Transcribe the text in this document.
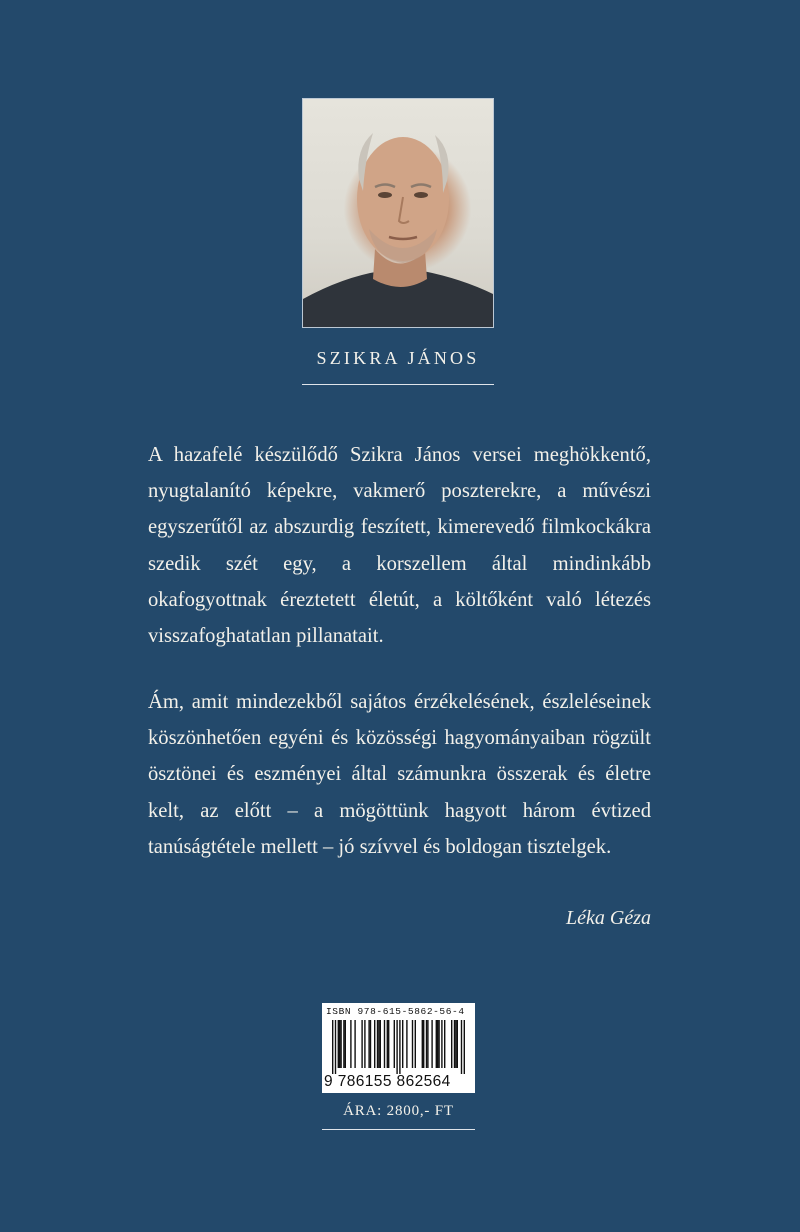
SZIKRA JÁNOS

A hazafelé készülődő Szikra János versei meghökkentő, nyugtalanító képekre, vakmerő poszterekre, a művészi egyszerűtől az abszurdig feszített, kimerevedő filmkockákra szedik szét egy, a korszellem által mindinkább okafogyottnak éreztetett életút, a költőként való létezés visszafoghatatlan pillanatait.

Ám, amit mindezekből sajátos érzékelésének, észleléseinek köszönhetően egyéni és közösségi hagyományaiban rögzült ösztönei és eszményei által számunkra összerak és életre kelt, az előtt – a mögöttünk hagyott három évtized tanúságtétele mellett – jó szívvel és boldogan tisztelgek.

Léka Géza
ISBN 978-615-5862-56-4
9 786155 862564
ÁRA: 2800,- FT
